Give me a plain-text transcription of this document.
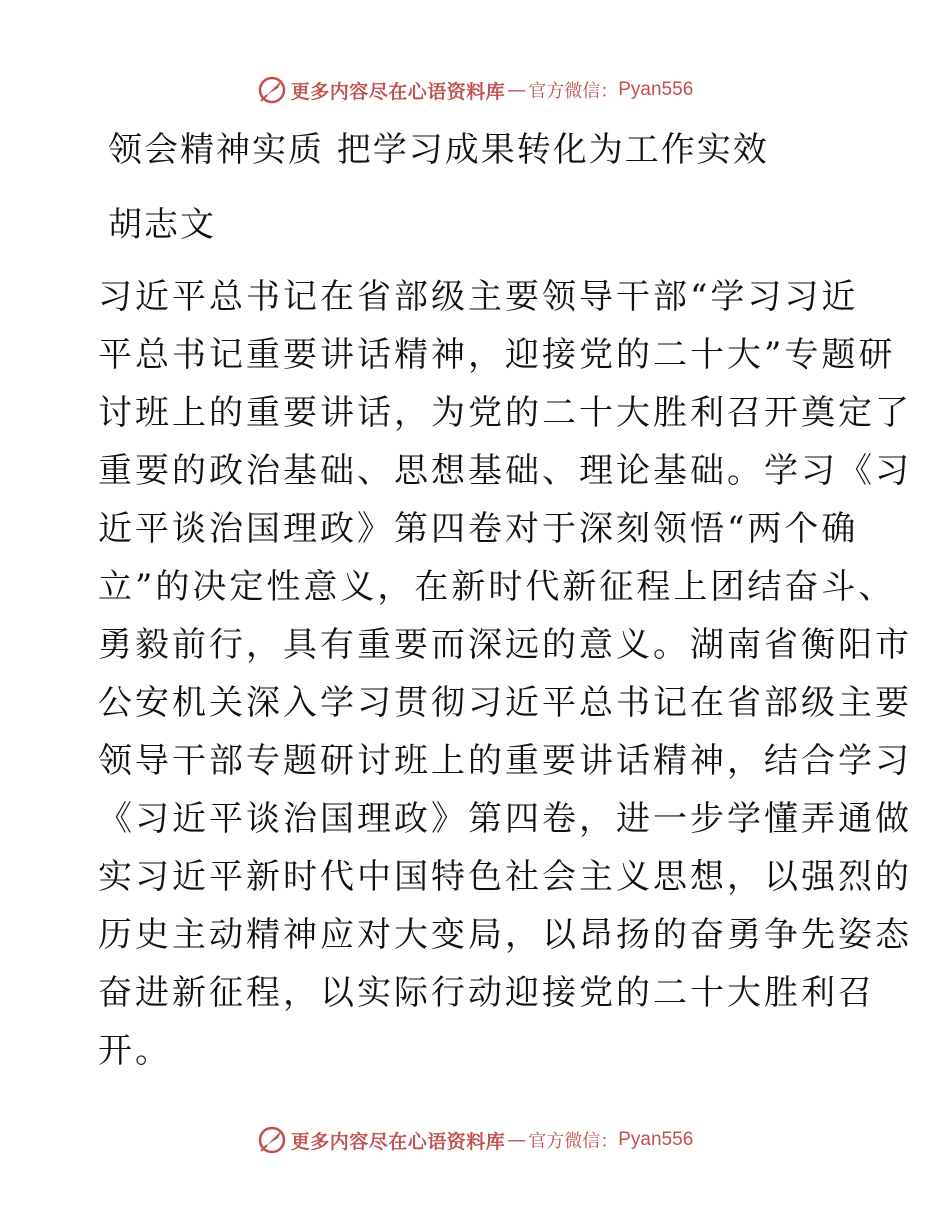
更多内容尽在心语资料库 — 官方微信： Pyan556
领会精神实质 把学习成果转化为工作实效
胡志文
习近平总书记在省部级主要领导干部“学习习近
平总书记重要讲话精神，迎接党的二十大”专题研
讨班上的重要讲话，为党的二十大胜利召开奠定了
重要的政治基础、思想基础、理论基础。学习《习
近平谈治国理政》第四卷对于深刻领悟“两个确
立”的决定性意义，在新时代新征程上团结奋斗、
勇毅前行，具有重要而深远的意义。湖南省衡阳市
公安机关深入学习贯彻习近平总书记在省部级主要
领导干部专题研讨班上的重要讲话精神，结合学习
《习近平谈治国理政》第四卷，进一步学懂弄通做
实习近平新时代中国特色社会主义思想，以强烈的
历史主动精神应对大变局，以昂扬的奋勇争先姿态
奋进新征程，以实际行动迎接党的二十大胜利召
开。
更多内容尽在心语资料库 — 官方微信： Pyan556
